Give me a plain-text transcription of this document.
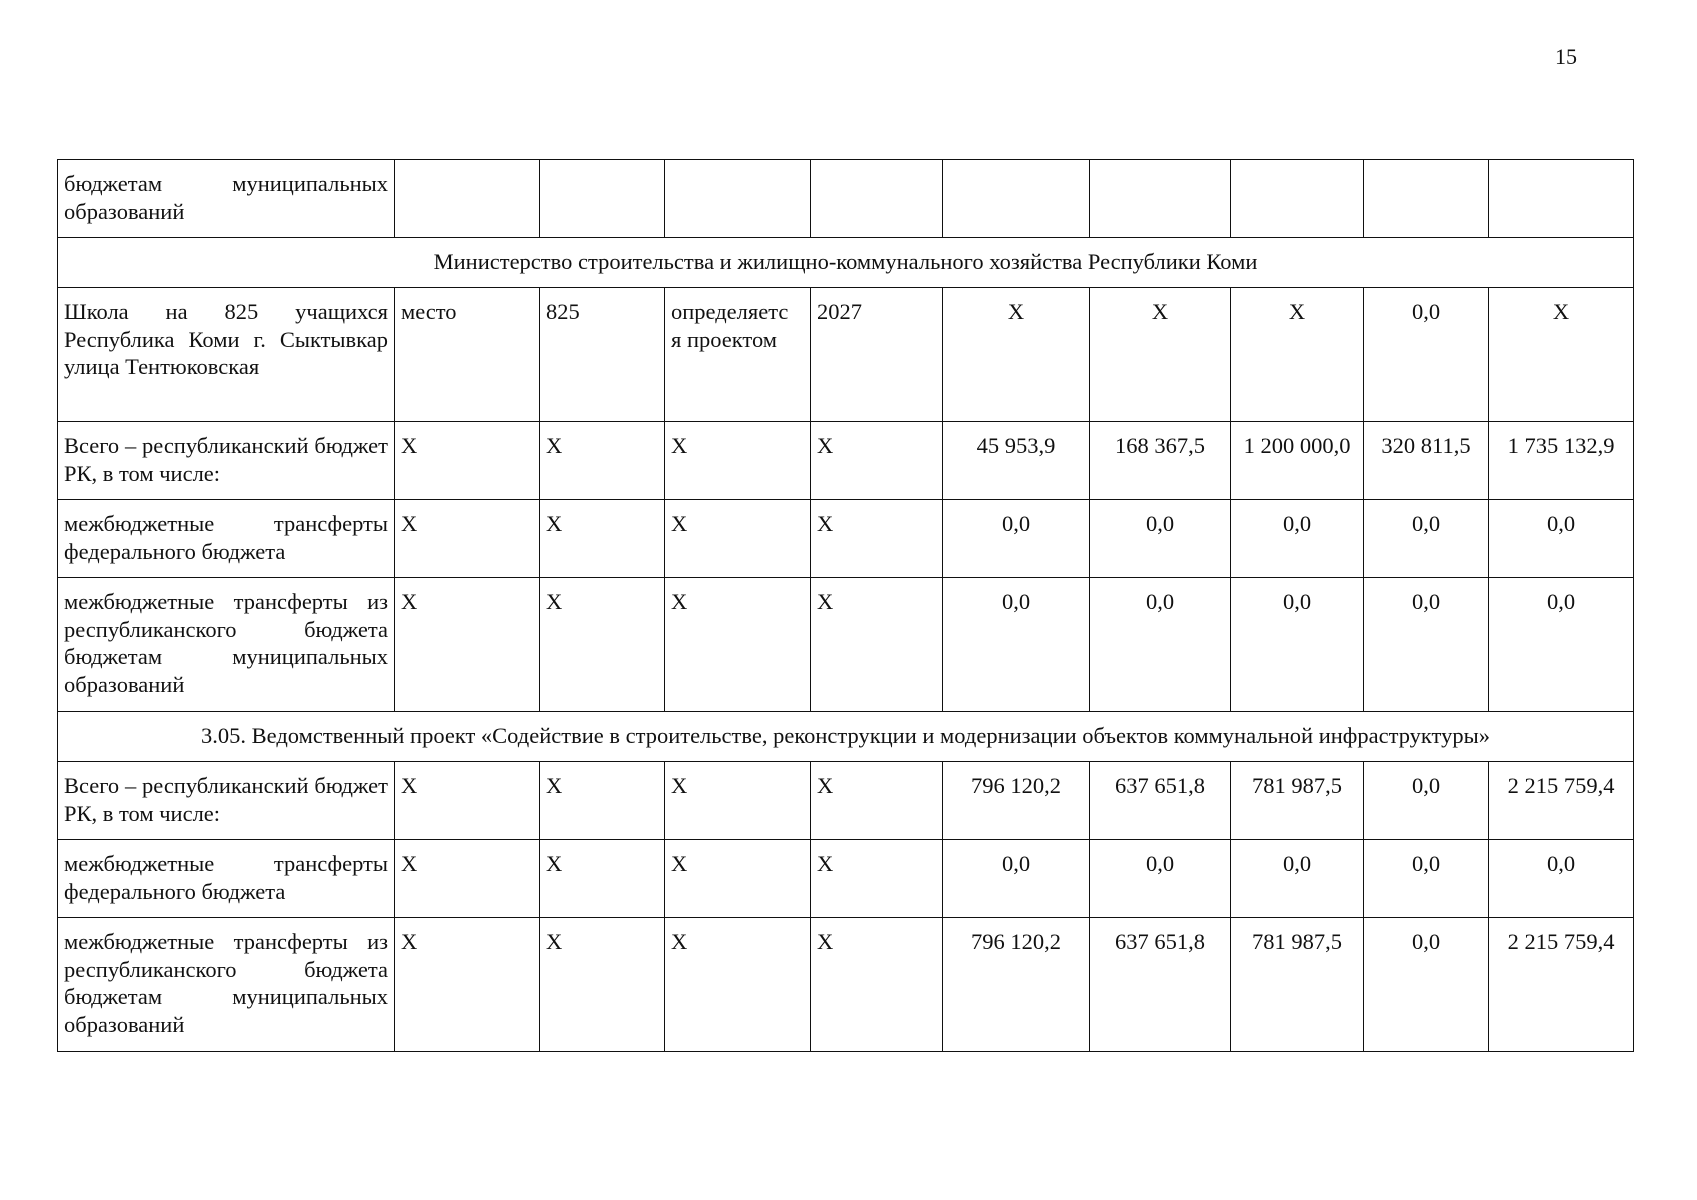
15
бюджетам муниципальных образований									
Министерство строительства и жилищно-коммунального хозяйства Республики Коми									
Школа на 825 учащихся Республика Коми г. Сыктывкар улица Тентюковская	место	825	определяетс я проектом	2027	X	X	X	0,0	X
Всего – республиканский бюджет РК, в том числе:	X	X	X	X	45 953,9	168 367,5	1 200 000,0	320 811,5	1 735 132,9
межбюджетные трансферты федерального бюджета	X	X	X	X	0,0	0,0	0,0	0,0	0,0
межбюджетные трансферты из республиканского бюджета бюджетам муниципальных образований	X	X	X	X	0,0	0,0	0,0	0,0	0,0
3.05. Ведомственный проект «Содействие в строительстве, реконструкции и модернизации объектов коммунальной инфраструктуры»									
Всего – республиканский бюджет РК, в том числе:	X	X	X	X	796 120,2	637 651,8	781 987,5	0,0	2 215 759,4
межбюджетные трансферты федерального бюджета	X	X	X	X	0,0	0,0	0,0	0,0	0,0
межбюджетные трансферты из республиканского бюджета бюджетам муниципальных образований	X	X	X	X	796 120,2	637 651,8	781 987,5	0,0	2 215 759,4
